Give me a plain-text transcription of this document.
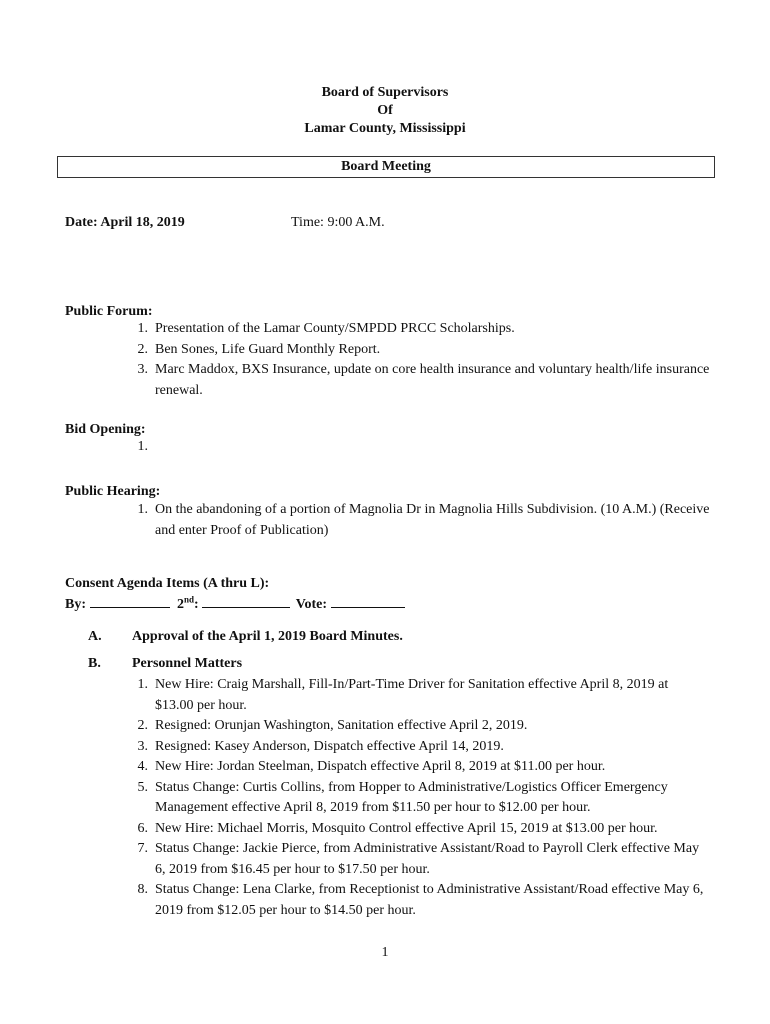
Board of Supervisors
Of
Lamar County, Mississippi
Board Meeting
Date: April 18, 2019	Time: 9:00 A.M.
Public Forum:
1. Presentation of the Lamar County/SMPDD PRCC Scholarships.
2. Ben Sones, Life Guard Monthly Report.
3. Marc Maddox, BXS Insurance, update on core health insurance and voluntary health/life insurance renewal.
Bid Opening:
1.
Public Hearing:
1. On the abandoning of a portion of Magnolia Dr in Magnolia Hills Subdivision. (10 A.M.) (Receive and enter Proof of Publication)
Consent Agenda Items (A thru L):
By:	2nd:	Vote:
A. Approval of the April 1, 2019 Board Minutes.
B. Personnel Matters
1. New Hire: Craig Marshall, Fill-In/Part-Time Driver for Sanitation effective April 8, 2019 at $13.00 per hour.
2. Resigned: Orunjan Washington, Sanitation effective April 2, 2019.
3. Resigned: Kasey Anderson, Dispatch effective April 14, 2019.
4. New Hire: Jordan Steelman, Dispatch effective April 8, 2019 at $11.00 per hour.
5. Status Change: Curtis Collins, from Hopper to Administrative/Logistics Officer Emergency Management effective April 8, 2019 from $11.50 per hour to $12.00 per hour.
6. New Hire: Michael Morris, Mosquito Control effective April 15, 2019 at $13.00 per hour.
7. Status Change: Jackie Pierce, from Administrative Assistant/Road to Payroll Clerk effective May 6, 2019 from $16.45 per hour to $17.50 per hour.
8. Status Change: Lena Clarke, from Receptionist to Administrative Assistant/Road effective May 6, 2019 from $12.05 per hour to $14.50 per hour.
1
